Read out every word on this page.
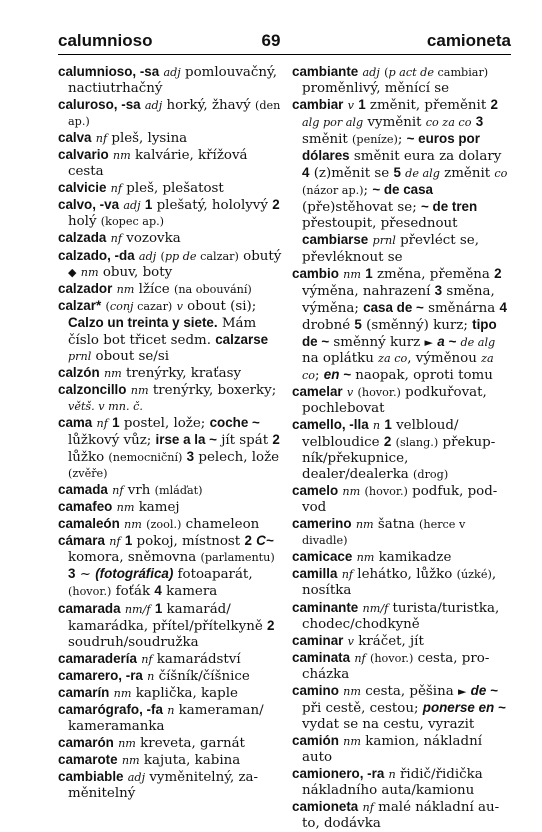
calumnioso	69	camioneta
calumnioso, -sa adj pomlouvačný, nactiutrhačný
caluroso, -sa adj horký, žhavý (den ap.)
calva nf pleš, lysina
calvario nm kalvárie, křížová cesta
calvicie nf pleš, plešatost
calvo, -va adj 1 plešatý, hololyvý 2 holý (kopec ap.)
calzada nf vozovka
calzado, -da adj (pp de calzar) obutý ◆ nm obuv, boty
calzador nm lžíce (na obouvání)
calzar* (conj cazar) v obout (si); Calzo un treinta y siete. Mám číslo bot třicet sedm. calzarse prnl obout se/si
calzón nm trenýrky, kraťasy
calzoncillo nm trenýrky, boxerky; větš. v mn. č.
cama nf 1 postel, lože; coche ~ lůžkový vůz; irse a la ~ jít spát 2 lůžko (nemocniční) 3 pelech, lože (zvěře)
camada nf vrh (mláďat)
camafeo nm kamej
camaleón nm (zool.) chameleon
cámara nf 1 pokoj, místnost 2 C~ komora, sněmovna (parlamentu) 3 ~ (fotográfica) fotoaparát, (hovor.) foťák 4 kamera
camarada nm/f 1 kamarád/ kamarádka, přítel/přítelkyně 2 soudruh/soudružka
camaradería nf kamarádství
camarero, -ra n číšník/číšnice
camarín nm kaplička, kaple
camarógrafo, -fa n kameraman/ kameramanka
camarón nm kreveta, garnát
camarote nm kajuta, kabina
cambiable adj vyměnitelný, zaměnitelný
cambiante adj (p act de cambiar) proměnlivý, měnící se
cambiar v 1 změnit, přeměnit 2 alg por alg vyměnit co za co 3 směnit (peníze); ~ euros por dólares směnit eura za dolary 4 (z)měnit se 5 de alg změnit co (názor ap.); ~ de casa (pře)stěhovat se; ~ de tren přestoupit, přesednout cambiarse prnl převléct se, převléknout se
cambio nm 1 změna, přeměna 2 výměna, nahrazení 3 směna, výměna; casa de ~ směnárna 4 drobné 5 (směnný) kurz; tipo de ~ směnný kurz ► a ~ de alg na oplátku za co, výměnou za co; en ~ naopak, oproti tomu
camelar v (hovor.) podkuřovat, pochlebovat
camello, -lla n 1 velbloud/ velbloudice 2 (slang.) překupník/překupnice, dealer/dealerka (drog)
camelo nm (hovor.) podfuk, podvod
camerino nm šatna (herce v divadle)
camicace nm kamikadze
camilla nf lehátko, lůžko (úzké), nosítka
caminante nm/f turista/turistka, chodec/chodkyně
caminar v kráčet, jít
caminata nf (hovor.) cesta, procházka
camino nm cesta, pěšina ► de ~ při cestě, cestou; ponerse en ~ vydat se na cestu, vyrazit
camión nm kamion, nákladní auto
camionero, -ra n řidič/řidička nákladního auta/kamionu
camioneta nf malé nákladní auto, dodávka
